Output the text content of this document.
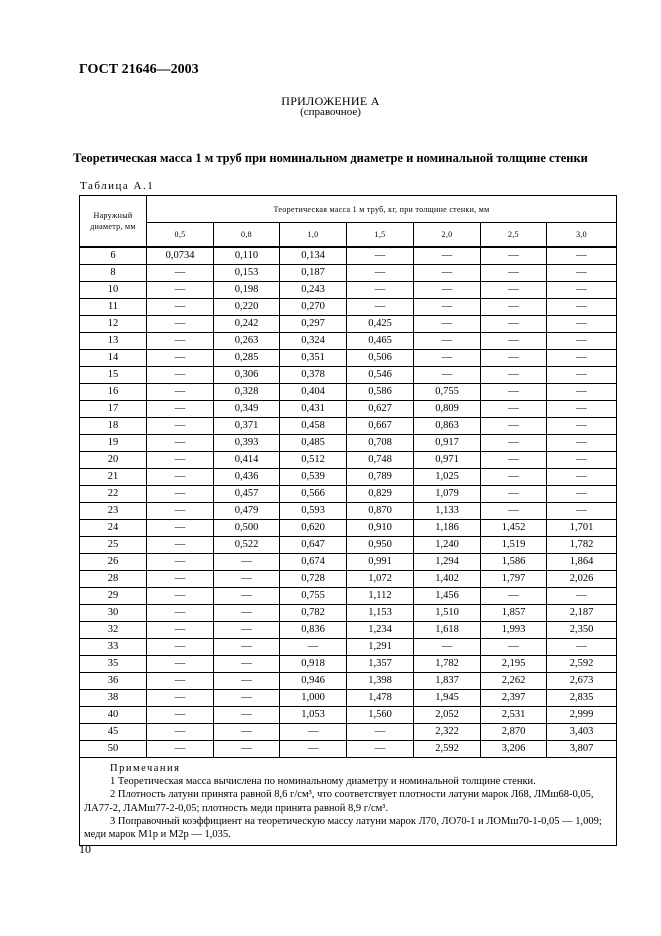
ГОСТ 21646—2003
ПРИЛОЖЕНИЕ А
(справочное)
Теоретическая масса 1 м труб при номинальном диаметре и номинальной толщине стенки
Таблица А.1
Наружный диаметр, мм	Теоретическая масса 1 м труб, кг, при толщине стенки, мм						
	0,5	0,8	1,0	1,5	2,0	2,5	3,0
6	0,0734	0,110	0,134	—	—	—	—
8	—	0,153	0,187	—	—	—	—
10	—	0,198	0,243	—	—	—	—
11	—	0,220	0,270	—	—	—	—
12	—	0,242	0,297	0,425	—	—	—
13	—	0,263	0,324	0,465	—	—	—
14	—	0,285	0,351	0,506	—	—	—
15	—	0,306	0,378	0,546	—	—	—
16	—	0,328	0,404	0,586	0,755	—	—
17	—	0,349	0,431	0,627	0,809	—	—
18	—	0,371	0,458	0,667	0,863	—	—
19	—	0,393	0,485	0,708	0,917	—	—
20	—	0,414	0,512	0,748	0,971	—	—
21	—	0,436	0,539	0,789	1,025	—	—
22	—	0,457	0,566	0,829	1,079	—	—
23	—	0,479	0,593	0,870	1,133	—	—
24	—	0,500	0,620	0,910	1,186	1,452	1,701
25	—	0,522	0,647	0,950	1,240	1,519	1,782
26	—	—	0,674	0,991	1,294	1,586	1,864
28	—	—	0,728	1,072	1,402	1,797	2,026
29	—	—	0,755	1,112	1,456	—	—
30	—	—	0,782	1,153	1,510	1,857	2,187
32	—	—	0,836	1,234	1,618	1,993	2,350
33	—	—	—	1,291	—	—	—
35	—	—	0,918	1,357	1,782	2,195	2,592
36	—	—	0,946	1,398	1,837	2,262	2,673
38	—	—	1,000	1,478	1,945	2,397	2,835
40	—	—	1,053	1,560	2,052	2,531	2,999
45	—	—	—	—	2,322	2,870	3,403
50	—	—	—	—	2,592	3,206	3,807

Примечания
1 Теоретическая масса вычислена по номинальному диаметру и номинальной толщине стенки.
2 Плотность латуни принята равной 8,6 г/см³, что соответствует плотности латуни марок Л68, ЛМш68-0,05, ЛА77-2, ЛАМш77-2-0,05; плотность меди принята равной 8,9 г/см³.
3 Поправочный коэффициент на теоретическую массу латуни марок Л70, ЛО70-1 и ЛОМш70-1-0,05 — 1,009; меди марок М1р и М2р — 1,035.							
10
